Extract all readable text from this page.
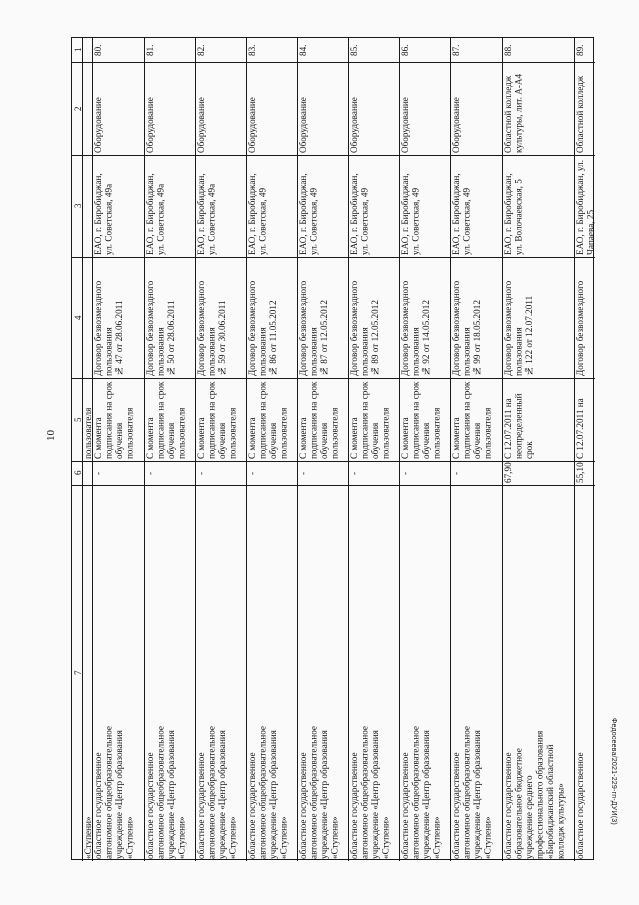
10
Федосеева/2021-229-гп-ДУИ(3)
1
2
3
4
5
6
7
пользователя
«Ступени»
80.
Оборудование
ЕАО, г. Биробиджан,
ул. Советская, 49а
Договор безвозмездного
пользования
№ 47 от 28.06.2011
С момента
подписания на срок
обучения
пользователя
-
областное государственное
автономное общеобразовательное
учреждение «Центр образования
«Ступени»
81.
Оборудование
ЕАО, г. Биробиджан,
ул. Советская, 49а
Договор безвозмездного
пользования
№ 50 от 28.06.2011
С момента
подписания на срок
обучения
пользователя
-
областное государственное
автономное общеобразовательное
учреждение «Центр образования
«Ступени»
82.
Оборудование
ЕАО, г. Биробиджан,
ул. Советская, 49а
Договор безвозмездного
пользования
№ 59 от 30.06.2011
С момента
подписания на срок
обучения
пользователя
-
областное государственное
автономное общеобразовательное
учреждение «Центр образования
«Ступени»
83.
Оборудование
ЕАО, г. Биробиджан,
ул. Советская, 49
Договор безвозмездного
пользования
№ 86 от 11.05.2012
С момента
подписания на срок
обучения
пользователя
-
областное государственное
автономное общеобразовательное
учреждение «Центр образования
«Ступени»
84.
Оборудование
ЕАО, г. Биробиджан,
ул. Советская, 49
Договор безвозмездного
пользования
№ 87 от 12.05.2012
С момента
подписания на срок
обучения
пользователя
-
областное государственное
автономное общеобразовательное
учреждение «Центр образования
«Ступени»
85.
Оборудование
ЕАО, г. Биробиджан,
ул. Советская, 49
Договор безвозмездного
пользования
№ 89 от 12.05.2012
С момента
подписания на срок
обучения
пользователя
-
областное государственное
автономное общеобразовательное
учреждение «Центр образования
«Ступени»
86.
Оборудование
ЕАО, г. Биробиджан,
ул. Советская, 49
Договор безвозмездного
пользования
№ 92 от 14.05.2012
С момента
подписания на срок
обучения
пользователя
-
областное государственное
автономное общеобразовательное
учреждение «Центр образования
«Ступени»
87.
Оборудование
ЕАО, г. Биробиджан,
ул. Советская, 49
Договор безвозмездного
пользования
№ 99 от 18.05.2012
С момента
подписания на срок
обучения
пользователя
-
областное государственное
автономное общеобразовательное
учреждение «Центр образования
«Ступени»
88.
Областной колледж
культуры, лит. А-А4
ЕАО, г. Биробиджан,
ул. Волочаевская, 5
Договор безвозмездного
пользования
№ 122 от 12.07.2011
С 12.07.2011 на
неопределенный срок
67,90
областное государственное
образовательное бюджетное
учреждение среднего
профессионального образования
«Биробиджанский областной
колледж культуры»
89.
Областной колледж
ЕАО, г. Биробиджан, ул. Чапаева, 25
Договор безвозмездного
С 12.07.2011 на
55,10
областное государственное
